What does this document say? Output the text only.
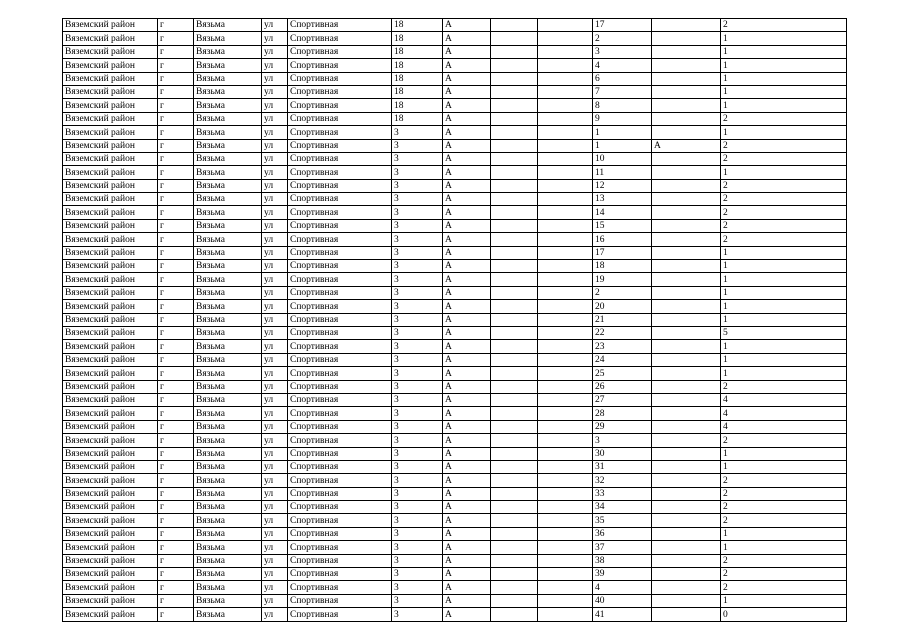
Вяземский район	г	Вязьма	ул	Спортивная	18	А			17		2
Вяземский район	г	Вязьма	ул	Спортивная	18	А			2		1
Вяземский район	г	Вязьма	ул	Спортивная	18	А			3		1
Вяземский район	г	Вязьма	ул	Спортивная	18	А			4		1
Вяземский район	г	Вязьма	ул	Спортивная	18	А			6		1
Вяземский район	г	Вязьма	ул	Спортивная	18	А			7		1
Вяземский район	г	Вязьма	ул	Спортивная	18	А			8		1
Вяземский район	г	Вязьма	ул	Спортивная	18	А			9		2
Вяземский район	г	Вязьма	ул	Спортивная	3	А			1		1
Вяземский район	г	Вязьма	ул	Спортивная	3	А			1	А	2
Вяземский район	г	Вязьма	ул	Спортивная	3	А			10		2
Вяземский район	г	Вязьма	ул	Спортивная	3	А			11		1
Вяземский район	г	Вязьма	ул	Спортивная	3	А			12		2
Вяземский район	г	Вязьма	ул	Спортивная	3	А			13		2
Вяземский район	г	Вязьма	ул	Спортивная	3	А			14		2
Вяземский район	г	Вязьма	ул	Спортивная	3	А			15		2
Вяземский район	г	Вязьма	ул	Спортивная	3	А			16		2
Вяземский район	г	Вязьма	ул	Спортивная	3	А			17		1
Вяземский район	г	Вязьма	ул	Спортивная	3	А			18		1
Вяземский район	г	Вязьма	ул	Спортивная	3	А			19		1
Вяземский район	г	Вязьма	ул	Спортивная	3	А			2		1
Вяземский район	г	Вязьма	ул	Спортивная	3	А			20		1
Вяземский район	г	Вязьма	ул	Спортивная	3	А			21		1
Вяземский район	г	Вязьма	ул	Спортивная	3	А			22		5
Вяземский район	г	Вязьма	ул	Спортивная	3	А			23		1
Вяземский район	г	Вязьма	ул	Спортивная	3	А			24		1
Вяземский район	г	Вязьма	ул	Спортивная	3	А			25		1
Вяземский район	г	Вязьма	ул	Спортивная	3	А			26		2
Вяземский район	г	Вязьма	ул	Спортивная	3	А			27		4
Вяземский район	г	Вязьма	ул	Спортивная	3	А			28		4
Вяземский район	г	Вязьма	ул	Спортивная	3	А			29		4
Вяземский район	г	Вязьма	ул	Спортивная	3	А			3		2
Вяземский район	г	Вязьма	ул	Спортивная	3	А			30		1
Вяземский район	г	Вязьма	ул	Спортивная	3	А			31		1
Вяземский район	г	Вязьма	ул	Спортивная	3	А			32		2
Вяземский район	г	Вязьма	ул	Спортивная	3	А			33		2
Вяземский район	г	Вязьма	ул	Спортивная	3	А			34		2
Вяземский район	г	Вязьма	ул	Спортивная	3	А			35		2
Вяземский район	г	Вязьма	ул	Спортивная	3	А			36		1
Вяземский район	г	Вязьма	ул	Спортивная	3	А			37		1
Вяземский район	г	Вязьма	ул	Спортивная	3	А			38		2
Вяземский район	г	Вязьма	ул	Спортивная	3	А			39		2
Вяземский район	г	Вязьма	ул	Спортивная	3	А			4		2
Вяземский район	г	Вязьма	ул	Спортивная	3	А			40		1
Вяземский район	г	Вязьма	ул	Спортивная	3	А			41		0
